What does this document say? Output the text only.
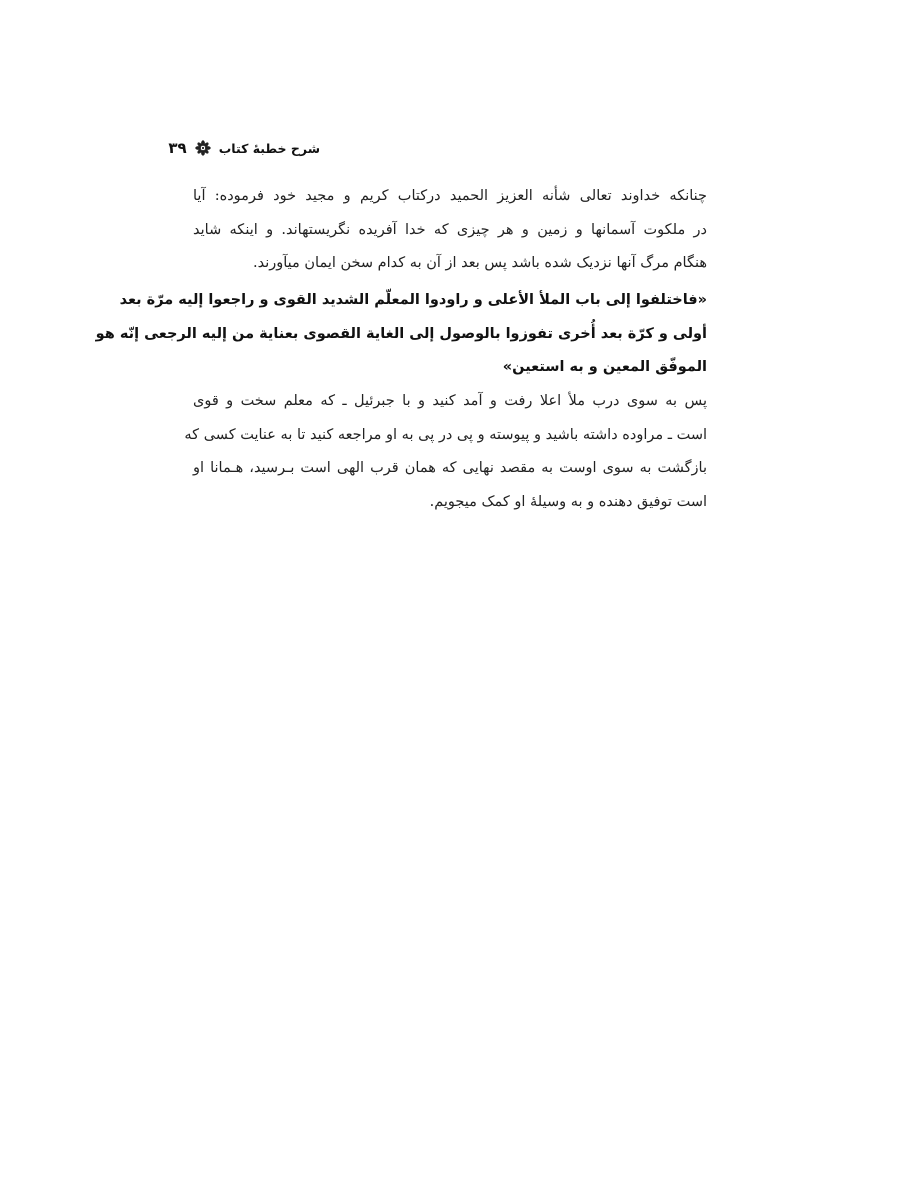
شرح خطبهٔ کتاب
۳۹
چنانکه خداوند تعالی شأنه العزیز الحمید درکتاب کریم و مجید خود فرموده: آیا
در ملکوت آسمانها و زمین و هر چیزی که خدا آفریده نگریستهاند. و اینکه شاید
هنگام مرگ آنها نزدیک شده باشد پس بعد از آن به کدام سخن ایمان میآورند.
«فاختلفوا إلى باب الملأ الأعلى و راودوا المعلّم الشديد القوى و راجعوا إليه مرّة بعد
أولى و كرّة بعد أُخرى تفوزوا بالوصول إلى الغاية القصوى بعناية من إليه الرجعى إنّه هو
الموفّق المعين و به استعين»
پس به سوی درب ملأ اعلا رفت و آمد کنید و با جبرئیل ـ که معلم سخت و قوی
است ـ مراوده داشته باشید و پیوسته و پی در پی به او مراجعه کنید تا به عنایت کسی که
بازگشت به سوی اوست به مقصد نهایی که همان قرب الهی است بـرسید، هـمانا او
است توفیق دهنده و به وسیلهٔ او کمک میجویم.
